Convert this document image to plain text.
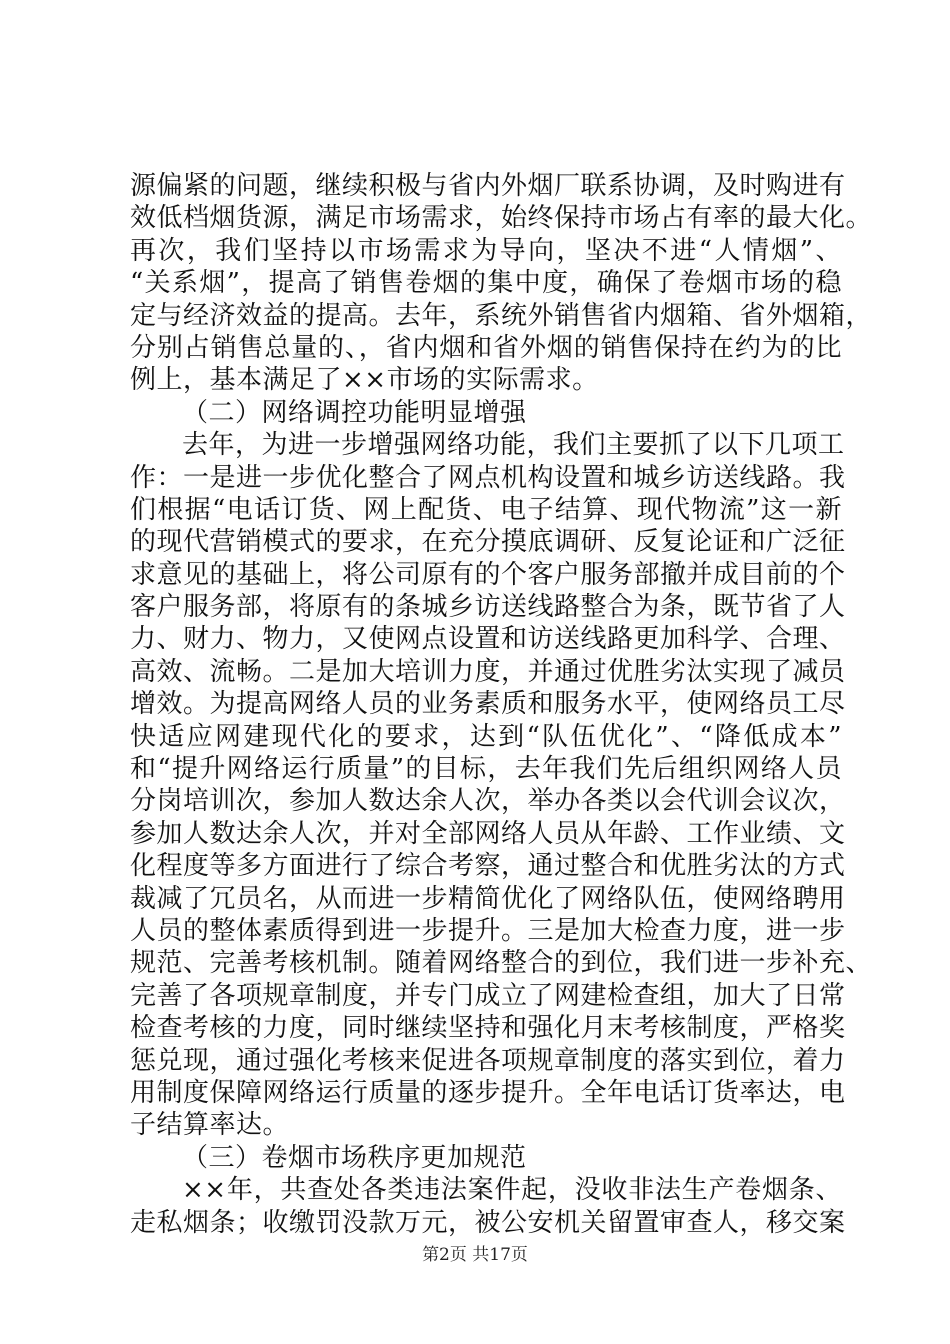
源偏紧的问题，继续积极与省内外烟厂联系协调，及时购进有
效低档烟货源，满足市场需求，始终保持市场占有率的最大化。
再次，我们坚持以市场需求为导向，坚决不进“人情烟”、
“关系烟”，提高了销售卷烟的集中度，确保了卷烟市场的稳
定与经济效益的提高。去年，系统外销售省内烟箱、省外烟箱，
分别占销售总量的、，省内烟和省外烟的销售保持在约为的比
例上，基本满足了××市场的实际需求。
（二）网络调控功能明显增强
去年，为进一步增强网络功能，我们主要抓了以下几项工
作：一是进一步优化整合了网点机构设置和城乡访送线路。我
们根据“电话订货、网上配货、电子结算、现代物流”这一新
的现代营销模式的要求，在充分摸底调研、反复论证和广泛征
求意见的基础上，将公司原有的个客户服务部撤并成目前的个
客户服务部，将原有的条城乡访送线路整合为条，既节省了人
力、财力、物力，又使网点设置和访送线路更加科学、合理、
高效、流畅。二是加大培训力度，并通过优胜劣汰实现了减员
增效。为提高网络人员的业务素质和服务水平，使网络员工尽
快适应网建现代化的要求，达到“队伍优化”、“降低成本”
和“提升网络运行质量”的目标，去年我们先后组织网络人员
分岗培训次，参加人数达余人次，举办各类以会代训会议次，
参加人数达余人次，并对全部网络人员从年龄、工作业绩、文
化程度等多方面进行了综合考察，通过整合和优胜劣汰的方式
裁减了冗员名，从而进一步精简优化了网络队伍，使网络聘用
人员的整体素质得到进一步提升。三是加大检查力度，进一步
规范、完善考核机制。随着网络整合的到位，我们进一步补充、
完善了各项规章制度，并专门成立了网建检查组，加大了日常
检查考核的力度，同时继续坚持和强化月末考核制度，严格奖
惩兑现，通过强化考核来促进各项规章制度的落实到位，着力
用制度保障网络运行质量的逐步提升。全年电话订货率达，电
子结算率达。
（三）卷烟市场秩序更加规范
××年，共查处各类违法案件起，没收非法生产卷烟条、
走私烟条；收缴罚没款万元，被公安机关留置审查人，移交案
第2页 共17页
